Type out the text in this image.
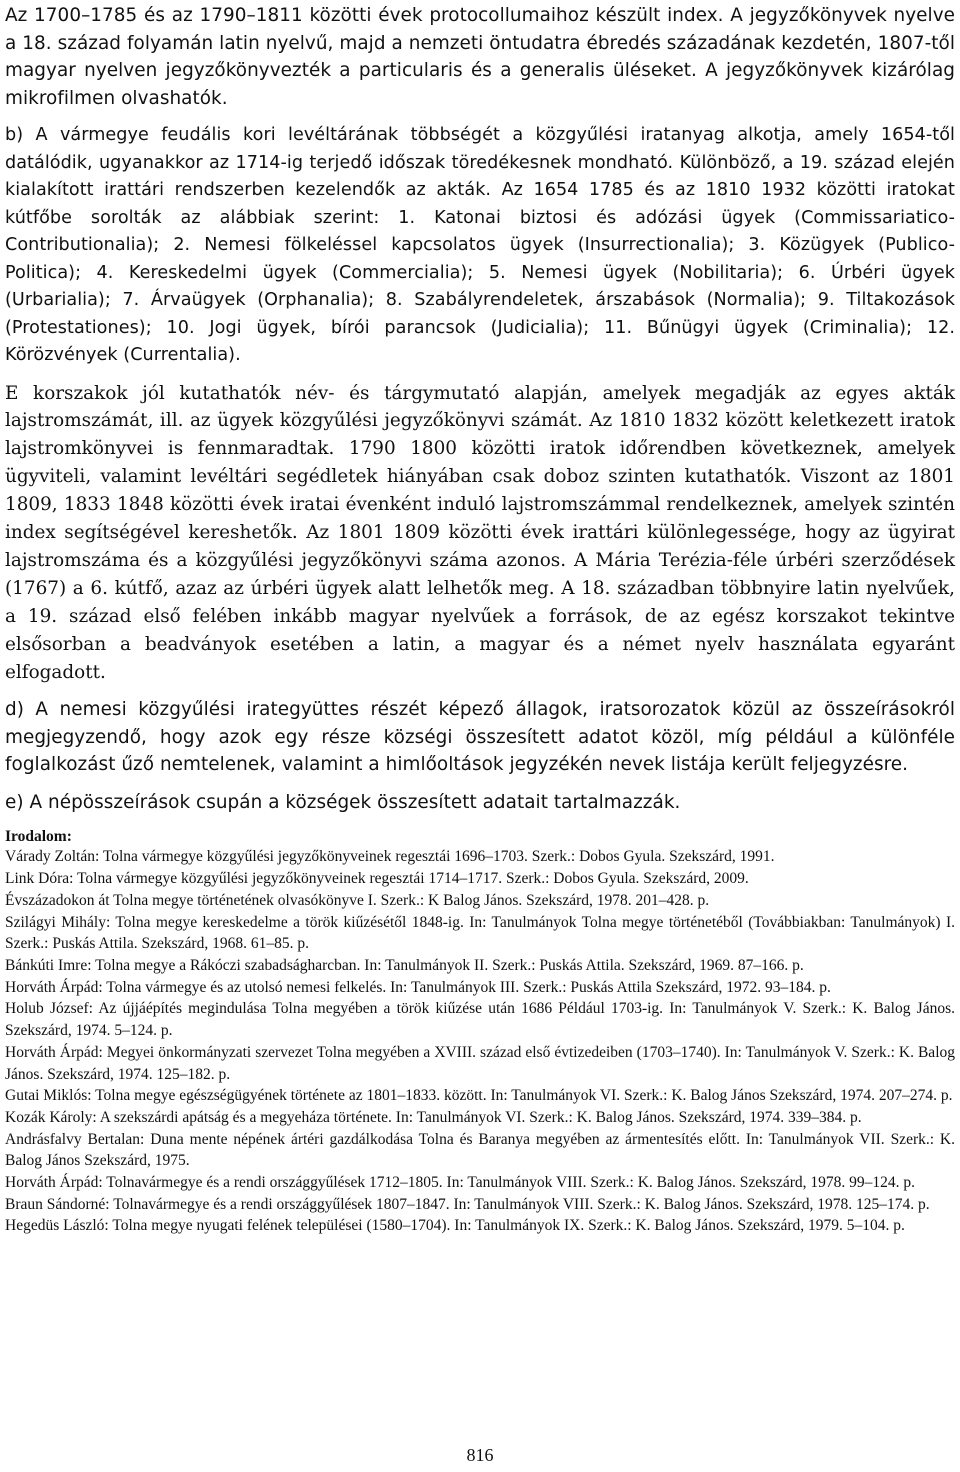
Az 1700–1785 és az 1790–1811 közötti évek protocollumaihoz készült index. A jegyzőkönyvek nyelve a 18. század folyamán latin nyelvű, majd a nemzeti öntudatra ébredés századának kezdetén, 1807-től magyar nyelven jegyzőkönyvezték a particularis és a generalis üléseket. A jegyzőkönyvek kizárólag mikrofilmen olvashatók.

b) A vármegye feudális kori levéltárának többségét a közgyűlési iratanyag alkotja, amely 1654-től datálódik, ugyanakkor az 1714-ig terjedő időszak töredékesnek mondható. Különböző, a 19. század elején kialakított irattári rendszerben kezelendők az akták. Az 1654 1785 és az 1810 1932 közötti iratokat kútfőbe sorolták az alábbiak szerint: 1. Katonai biztosi és adózási ügyek (Commissariatico-Contributionalia); 2. Nemesi fölkeléssel kapcsolatos ügyek (Insurrectionalia); 3. Közügyek (Publico-Politica); 4. Kereskedelmi ügyek (Commercialia); 5. Nemesi ügyek (Nobilitaria); 6. Úrbéri ügyek (Urbarialia); 7. Árvaügyek (Orphanalia); 8. Szabályrendeletek, árszabások (Normalia); 9. Tiltakozások (Protestationes); 10. Jogi ügyek, bírói parancsok (Judicialia); 11. Bűnügyi ügyek (Criminalia); 12. Körözvények (Currentalia).

E korszakok jól kutathatók név- és tárgymutató alapján, amelyek megadják az egyes akták lajstromszámát, ill. az ügyek közgyűlési jegyzőkönyvi számát. Az 1810 1832 között keletkezett iratok lajstromkönyvei is fennmaradtak. 1790 1800 közötti iratok időrendben következnek, amelyek ügyviteli, valamint levéltári segédletek hiányában csak doboz szinten kutathatók. Viszont az 1801 1809, 1833 1848 közötti évek iratai évenként induló lajstromszámmal rendelkeznek, amelyek szintén index segítségével kereshetők. Az 1801 1809 közötti évek irattári különlegessége, hogy az ügyirat lajstromszáma és a közgyűlési jegyzőkönyvi száma azonos. A Mária Terézia-féle úrbéri szerződések (1767) a 6. kútfő, azaz az úrbéri ügyek alatt lelhetők meg. A 18. században többnyire latin nyelvűek, a 19. század első felében inkább magyar nyelvűek a források, de az egész korszakot tekintve elsősorban a beadványok esetében a latin, a magyar és a német nyelv használata egyaránt elfogadott.

d) A nemesi közgyűlési irategyüttes részét képező állagok, iratsorozatok közül az összeírásokról megjegyzendő, hogy azok egy része községi összesített adatot közöl, míg például a különféle foglalkozást űző nemtelenek, valamint a himlőoltások jegyzékén nevek listája került feljegyzésre.

e) A népösszeírások csupán a községek összesített adatait tartalmazzák.

Irodalom:
Várady Zoltán: Tolna vármegye közgyűlési jegyzőkönyveinek regesztái 1696–1703. Szerk.: Dobos Gyula. Szekszárd, 1991.
Link Dóra: Tolna vármegye közgyűlési jegyzőkönyveinek regesztái 1714–1717. Szerk.: Dobos Gyula. Szekszárd, 2009.
Évszázadokon át Tolna megye történetének olvasókönyve I. Szerk.: K Balog János. Szekszárd, 1978. 201–428. p.
Szilágyi Mihály: Tolna megye kereskedelme a török kiűzésétől 1848-ig. In: Tanulmányok Tolna megye történetéből (Továbbiakban: Tanulmányok) I. Szerk.: Puskás Attila. Szekszárd, 1968. 61–85. p.
Bánkúti Imre: Tolna megye a Rákóczi szabadságharcban. In: Tanulmányok II. Szerk.: Puskás Attila. Szekszárd, 1969. 87–166. p.
Horváth Árpád: Tolna vármegye és az utolsó nemesi felkelés. In: Tanulmányok III. Szerk.: Puskás Attila Szekszárd, 1972. 93–184. p.
Holub József: Az újjáépítés megindulása Tolna megyében a török kiűzése után 1686 Például 1703-ig. In: Tanulmányok V. Szerk.: K. Balog János. Szekszárd, 1974. 5–124. p.
Horváth Árpád: Megyei önkormányzati szervezet Tolna megyében a XVIII. század első évtizedeiben (1703–1740). In: Tanulmányok V. Szerk.: K. Balog János. Szekszárd, 1974. 125–182. p.
Gutai Miklós: Tolna megye egészségügyének története az 1801–1833. között. In: Tanulmányok VI. Szerk.: K. Balog János Szekszárd, 1974. 207–274. p.
Kozák Károly: A szekszárdi apátság és a megyeháza története. In: Tanulmányok VI. Szerk.: K. Balog János. Szekszárd, 1974. 339–384. p.
Andrásfalvy Bertalan: Duna mente népének ártéri gazdálkodása Tolna és Baranya megyében az ármentesítés előtt. In: Tanulmányok VII. Szerk.: K. Balog János Szekszárd, 1975.
Horváth Árpád: Tolnavármegye és a rendi országgyűlések 1712–1805. In: Tanulmányok VIII. Szerk.: K. Balog János. Szekszárd, 1978. 99–124. p.
Braun Sándorné: Tolnavármegye és a rendi országgyűlések 1807–1847. In: Tanulmányok VIII. Szerk.: K. Balog János. Szekszárd, 1978. 125–174. p.
Hegedüs László: Tolna megye nyugati felének települései (1580–1704). In: Tanulmányok IX. Szerk.: K. Balog János. Szekszárd, 1979. 5–104. p.
816
